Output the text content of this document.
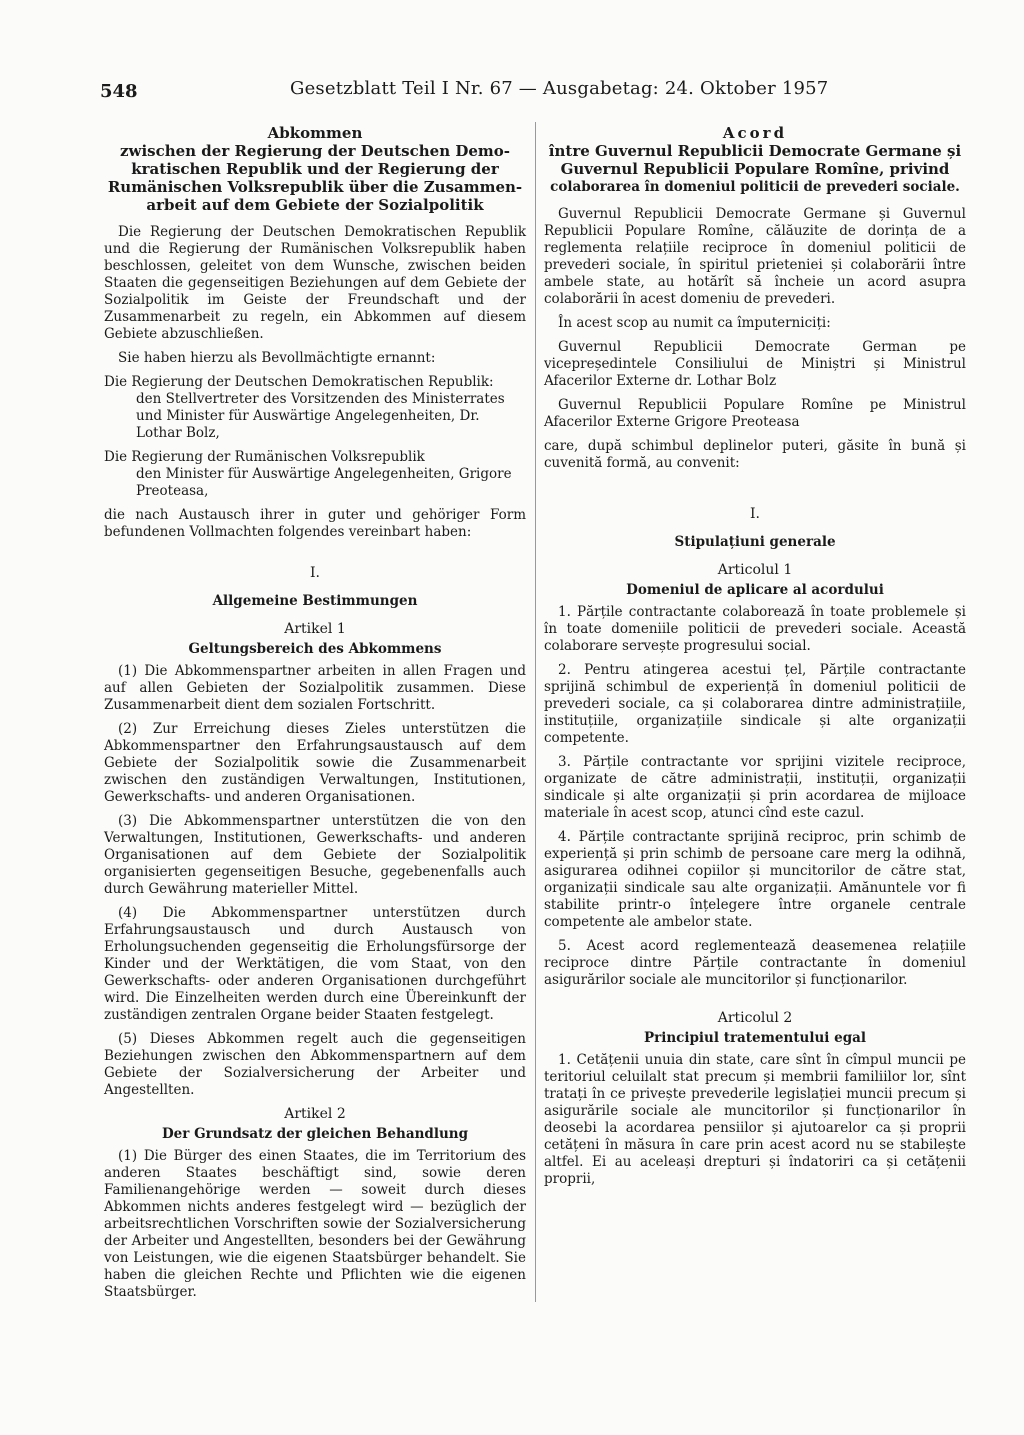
548	Gesetzblatt Teil I Nr. 67 — Ausgabetag: 24. Oktober 1957
Abkommen
zwischen der Regierung der Deutschen Demo-
kratischen Republik und der Regierung der
Rumänischen Volksrepublik über die Zusammen-
arbeit auf dem Gebiete der Sozialpolitik

Die Regierung der Deutschen Demokratischen Republik und die Regierung der Rumänischen Volksrepublik haben beschlossen, geleitet von dem Wunsche, zwischen beiden Staaten die gegenseitigen Beziehungen auf dem Gebiete der Sozialpolitik im Geiste der Freundschaft und der Zusammenarbeit zu regeln, ein Abkommen auf diesem Gebiete abzuschließen.

Sie haben hierzu als Bevollmächtigte ernannt:

Die Regierung der Deutschen Demokratischen Republik:
den Stellvertreter des Vorsitzenden des Ministerrates und Minister für Auswärtige Angelegenheiten, Dr. Lothar Bolz,
Die Regierung der Rumänischen Volksrepublik
den Minister für Auswärtige Angelegenheiten, Grigore Preoteasa,

die nach Austausch ihrer in guter und gehöriger Form befundenen Vollmachten folgendes vereinbart haben:

I.
Allgemeine Bestimmungen
Artikel 1
Geltungsbereich des Abkommens

(1) Die Abkommenspartner arbeiten in allen Fragen und auf allen Gebieten der Sozialpolitik zusammen. Diese Zusammenarbeit dient dem sozialen Fortschritt.

(2) Zur Erreichung dieses Zieles unterstützen die Abkommenspartner den Erfahrungsaustausch auf dem Gebiete der Sozialpolitik sowie die Zusammenarbeit zwischen den zuständigen Verwaltungen, Institutionen, Gewerkschafts- und anderen Organisationen.

(3) Die Abkommenspartner unterstützen die von den Verwaltungen, Institutionen, Gewerkschafts- und anderen Organisationen auf dem Gebiete der Sozialpolitik organisierten gegenseitigen Besuche, gegebenenfalls auch durch Gewährung materieller Mittel.

(4) Die Abkommenspartner unterstützen durch Erfahrungsaustausch und durch Austausch von Erholungsuchenden gegenseitig die Erholungsfürsorge der Kinder und der Werktätigen, die vom Staat, von den Gewerkschafts- oder anderen Organisationen durchgeführt wird. Die Einzelheiten werden durch eine Übereinkunft der zuständigen zentralen Organe beider Staaten festgelegt.

(5) Dieses Abkommen regelt auch die gegenseitigen Beziehungen zwischen den Abkommenspartnern auf dem Gebiete der Sozialversicherung der Arbeiter und Angestellten.

Artikel 2
Der Grundsatz der gleichen Behandlung

(1) Die Bürger des einen Staates, die im Territorium des anderen Staates beschäftigt sind, sowie deren Familienangehörige werden — soweit durch dieses Abkommen nichts anderes festgelegt wird — bezüglich der arbeitsrechtlichen Vorschriften sowie der Sozialversicherung der Arbeiter und Angestellten, besonders bei der Gewährung von Leistungen, wie die eigenen Staatsbürger behandelt. Sie haben die gleichen Rechte und Pflichten wie die eigenen Staatsbürger.

Acord
între Guvernul Republicii Democrate Germane și
Guvernul Republicii Populare Romîne, privind
colaborarea în domeniul politicii de prevederi sociale.

Guvernul Republicii Democrate Germane și Guvernul Republicii Populare Romîne, călăuzite de dorința de a reglementa relațiile reciproce în domeniul politicii de prevederi sociale, în spiritul prieteniei și colaborării între ambele state, au hotărît să încheie un acord asupra colaborării în acest domeniu de prevederi.

În acest scop au numit ca împuterniciți:

Guvernul Republicii Democrate German pe vicepreședintele Consiliului de Miniștri și Ministrul Afacerilor Externe dr. Lothar Bolz

Guvernul Republicii Populare Romîne pe Ministrul Afacerilor Externe Grigore Preoteasa

care, după schimbul deplinelor puteri, găsite în bună și cuvenită formă, au convenit:

I.
Stipulațiuni generale
Articolul 1
Domeniul de aplicare al acordului

1. Părțile contractante colaborează în toate problemele și în toate domeniile politicii de prevederi sociale. Această colaborare servește progresului social.

2. Pentru atingerea acestui țel, Părțile contractante sprijină schimbul de experiență în domeniul politicii de prevederi sociale, ca și colaborarea dintre administrațiile, instituțiile, organizațiile sindicale și alte organizații competente.

3. Părțile contractante vor sprijini vizitele reciproce, organizate de către administrații, instituții, organizații sindicale și alte organizații și prin acordarea de mijloace materiale în acest scop, atunci cînd este cazul.

4. Părțile contractante sprijină reciproc, prin schimb de experiență și prin schimb de persoane care merg la odihnă, asigurarea odihnei copiilor și muncitorilor de către stat, organizații sindicale sau alte organizații. Amănuntele vor fi stabilite printr-o înțelegere între organele centrale competente ale ambelor state.

5. Acest acord reglementează deasemenea relațiile reciproce dintre Părțile contractante în domeniul asigurărilor sociale ale muncitorilor și funcționarilor.

Articolul 2
Principiul tratementului egal

1. Cetățenii unuia din state, care sînt în cîmpul muncii pe teritoriul celuilalt stat precum și membrii familiilor lor, sînt tratați în ce privește prevederile legislației muncii precum și asigurările sociale ale muncitorilor și funcționarilor în deosebi la acordarea pensiilor și ajutoarelor ca și proprii cetățeni în măsura în care prin acest acord nu se stabilește altfel. Ei au aceleași drepturi și îndatoriri ca și cetățenii proprii,
